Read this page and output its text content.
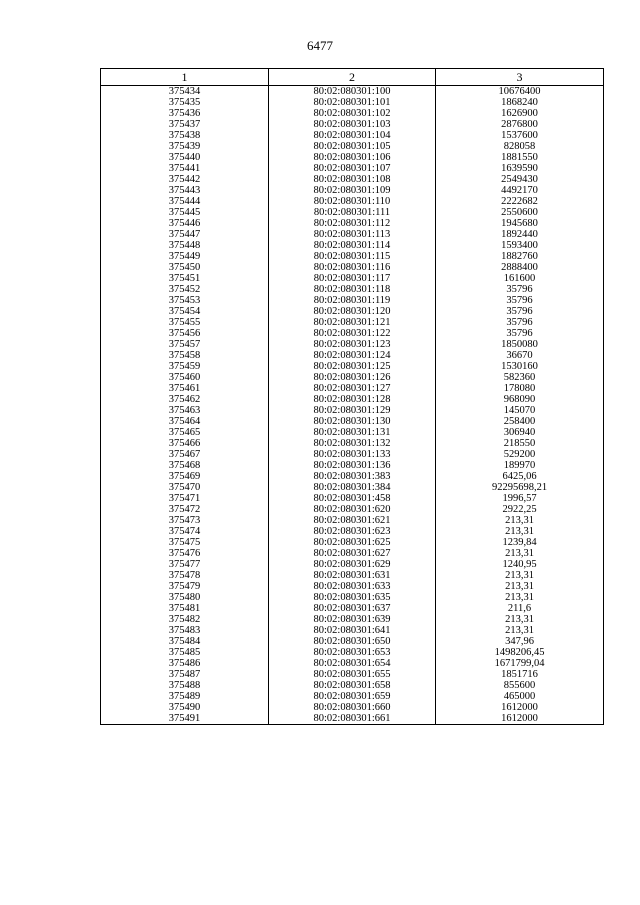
6477
1	2	3
375434	80:02:080301:100	10676400
375435	80:02:080301:101	1868240
375436	80:02:080301:102	1626900
375437	80:02:080301:103	2876800
375438	80:02:080301:104	1537600
375439	80:02:080301:105	828058
375440	80:02:080301:106	1881550
375441	80:02:080301:107	1639590
375442	80:02:080301:108	2549430
375443	80:02:080301:109	4492170
375444	80:02:080301:110	2222682
375445	80:02:080301:111	2550600
375446	80:02:080301:112	1945680
375447	80:02:080301:113	1892440
375448	80:02:080301:114	1593400
375449	80:02:080301:115	1882760
375450	80:02:080301:116	2888400
375451	80:02:080301:117	161600
375452	80:02:080301:118	35796
375453	80:02:080301:119	35796
375454	80:02:080301:120	35796
375455	80:02:080301:121	35796
375456	80:02:080301:122	35796
375457	80:02:080301:123	1850080
375458	80:02:080301:124	36670
375459	80:02:080301:125	1530160
375460	80:02:080301:126	582360
375461	80:02:080301:127	178080
375462	80:02:080301:128	968090
375463	80:02:080301:129	145070
375464	80:02:080301:130	258400
375465	80:02:080301:131	306940
375466	80:02:080301:132	218550
375467	80:02:080301:133	529200
375468	80:02:080301:136	189970
375469	80:02:080301:383	6425,06
375470	80:02:080301:384	92295698,21
375471	80:02:080301:458	1996,57
375472	80:02:080301:620	2922,25
375473	80:02:080301:621	213,31
375474	80:02:080301:623	213,31
375475	80:02:080301:625	1239,84
375476	80:02:080301:627	213,31
375477	80:02:080301:629	1240,95
375478	80:02:080301:631	213,31
375479	80:02:080301:633	213,31
375480	80:02:080301:635	213,31
375481	80:02:080301:637	211,6
375482	80:02:080301:639	213,31
375483	80:02:080301:641	213,31
375484	80:02:080301:650	347,96
375485	80:02:080301:653	1498206,45
375486	80:02:080301:654	1671799,04
375487	80:02:080301:655	1851716
375488	80:02:080301:658	855600
375489	80:02:080301:659	465000
375490	80:02:080301:660	1612000
375491	80:02:080301:661	1612000
